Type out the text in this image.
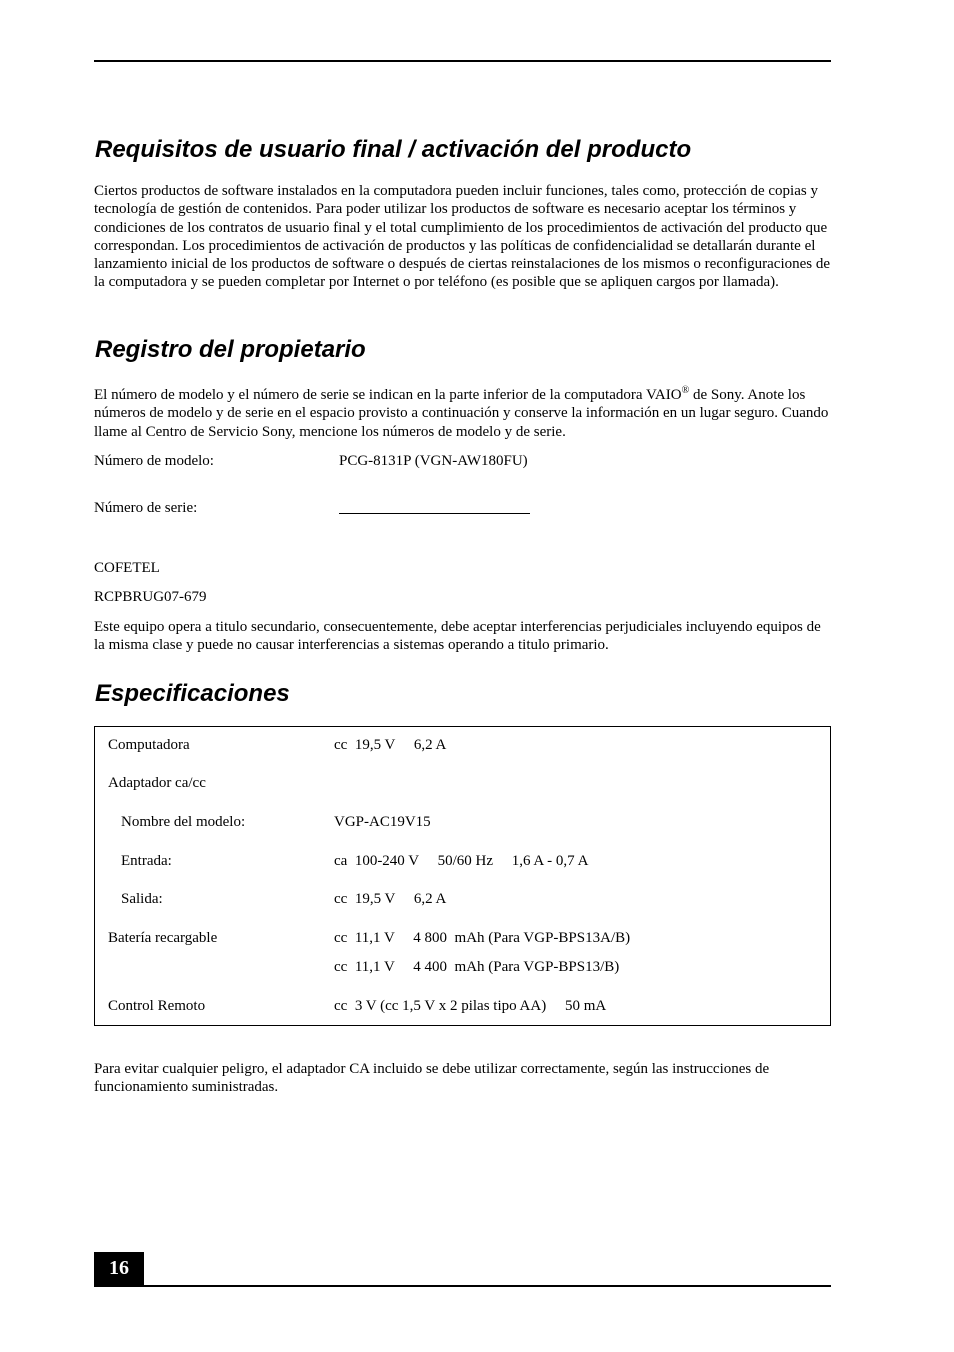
Requisitos de usuario final / activación del producto

Ciertos productos de software instalados en la computadora pueden incluir funciones, tales como, protección de copias y tecnología de gestión de contenidos. Para poder utilizar los productos de software es necesario aceptar los términos y condiciones de los contratos de usuario final y el total cumplimiento de los procedimientos de activación del producto que correspondan. Los procedimientos de activación de productos y las políticas de confidencialidad se detallarán durante el lanzamiento inicial de los productos de software o después de ciertas reinstalaciones de los mismos o reconfiguraciones de la computadora y se pueden completar por Internet o por teléfono (es posible que se apliquen cargos por llamada).

Registro del propietario

El número de modelo y el número de serie se indican en la parte inferior de la computadora VAIO® de Sony. Anote los números de modelo y de serie en el espacio provisto a continuación y conserve la información en un lugar seguro. Cuando llame al Centro de Servicio Sony, mencione los números de modelo y de serie.

Número de modelo:	PCG-8131P (VGN-AW180FU)
Número de serie:
COFETEL
RCPBRUG07-679

Este equipo opera a titulo secundario, consecuentemente, debe aceptar interferencias perjudiciales incluyendo equipos de la misma clase y puede no causar interferencias a sistemas operando a titulo primario.

Especificaciones
Computadora	cc  19,5 V     6,2 A
Adaptador ca/cc
Nombre del modelo:	VGP-AC19V15
Entrada:	ca  100-240 V     50/60 Hz     1,6 A - 0,7 A
Salida:	cc  19,5 V     6,2 A
Batería recargable	cc  11,1 V     4 800  mAh (Para VGP-BPS13A/B)
cc  11,1 V     4 400  mAh (Para VGP-BPS13/B)
Control Remoto	cc  3 V (cc 1,5 V x 2 pilas tipo AA)     50 mA

Para evitar cualquier peligro, el adaptador CA incluido se debe utilizar correctamente, según las instrucciones de funcionamiento suministradas.

16
